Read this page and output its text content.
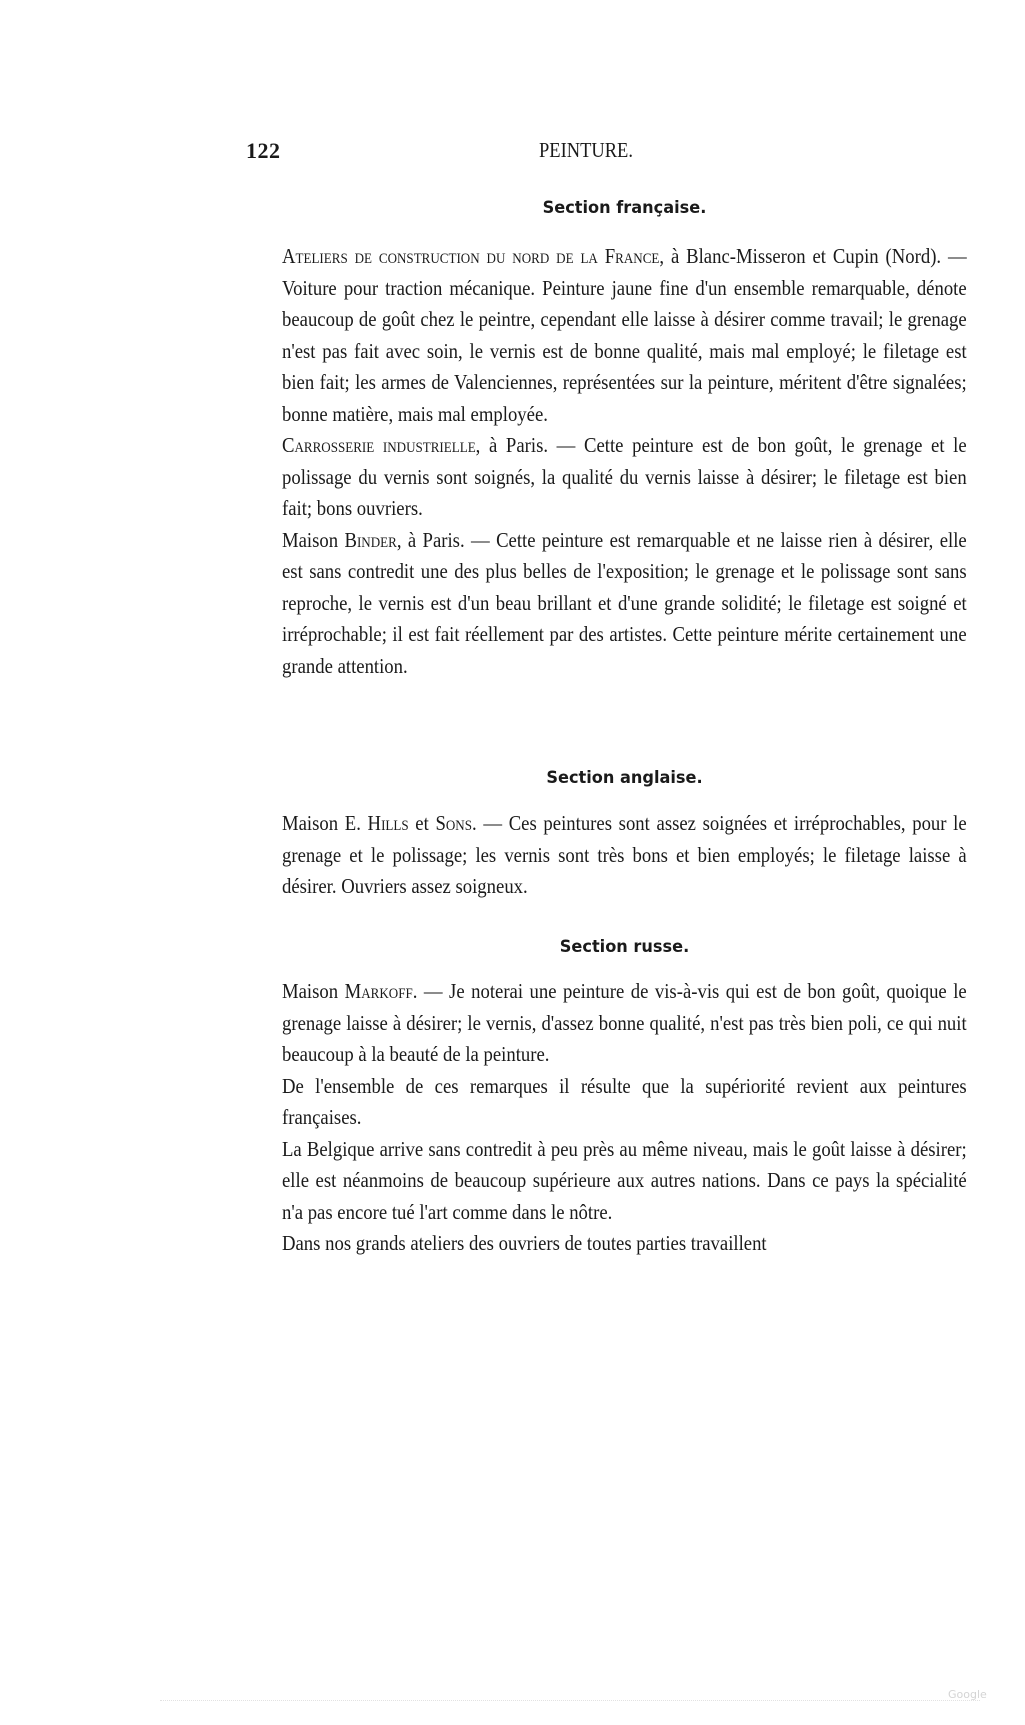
122	PEINTURE.
Section française.

Ateliers de construction du nord de la France, à Blanc-Misseron et Cupin (Nord). — Voiture pour traction mécanique. Peinture jaune fine d'un ensemble remarquable, dénote beaucoup de goût chez le peintre, cependant elle laisse à désirer comme travail; le grenage n'est pas fait avec soin, le vernis est de bonne qualité, mais mal employé; le filetage est bien fait; les armes de Valenciennes, représentées sur la peinture, méritent d'être signalées; bonne matière, mais mal employée.

Carrosserie industrielle, à Paris. — Cette peinture est de bon goût, le grenage et le polissage du vernis sont soignés, la qualité du vernis laisse à désirer; le filetage est bien fait; bons ouvriers.

Maison Binder, à Paris. — Cette peinture est remarquable et ne laisse rien à désirer, elle est sans contredit une des plus belles de l'exposition; le grenage et le polissage sont sans reproche, le vernis est d'un beau brillant et d'une grande solidité; le filetage est soigné et irréprochable; il est fait réellement par des artistes. Cette peinture mérite certainement une grande attention.

Section anglaise.

Maison E. Hills et Sons. — Ces peintures sont assez soignées et irréprochables, pour le grenage et le polissage; les vernis sont très bons et bien employés; le filetage laisse à désirer. Ouvriers assez soigneux.

Section russe.

Maison Markoff. — Je noterai une peinture de vis-à-vis qui est de bon goût, quoique le grenage laisse à désirer; le vernis, d'assez bonne qualité, n'est pas très bien poli, ce qui nuit beaucoup à la beauté de la peinture.

De l'ensemble de ces remarques il résulte que la supériorité revient aux peintures françaises.

La Belgique arrive sans contredit à peu près au même niveau, mais le goût laisse à désirer; elle est néanmoins de beaucoup supérieure aux autres nations. Dans ce pays la spécialité n'a pas encore tué l'art comme dans le nôtre.

Dans nos grands ateliers des ouvriers de toutes parties travaillent

Google
